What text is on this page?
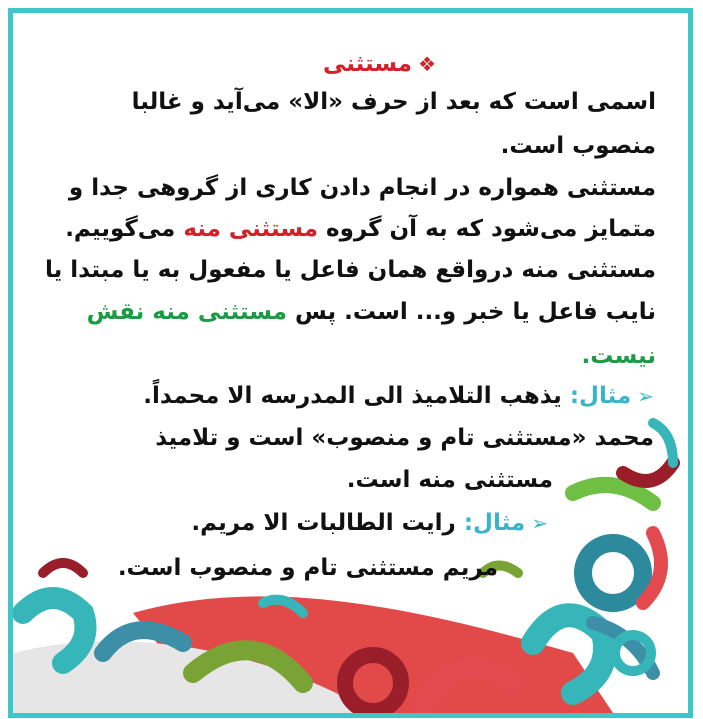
❖مستثنی
اسمی است که بعد از حرف «الا» می‌آید و غالبا
منصوب است.
مستثنی همواره در انجام دادن کاری از گروهی جدا و
متمایز می‌شود که به آن گروه مستثنی منه می‌گوییم.
مستثنی منه درواقع همان فاعل یا مفعول به یا مبتدا یا
نایب فاعل یا خبر و... است. پس مستثنی منه نقش
نیست.
➢مثال: یذهب التلامیذ الی المدرسه الا محمداً.
محمد «مستثنی تام و منصوب» است و تلامیذ
مستثنی منه است.
➢مثال: رایت الطالبات الا مریم.
مریم مستثنی تام و منصوب است.
